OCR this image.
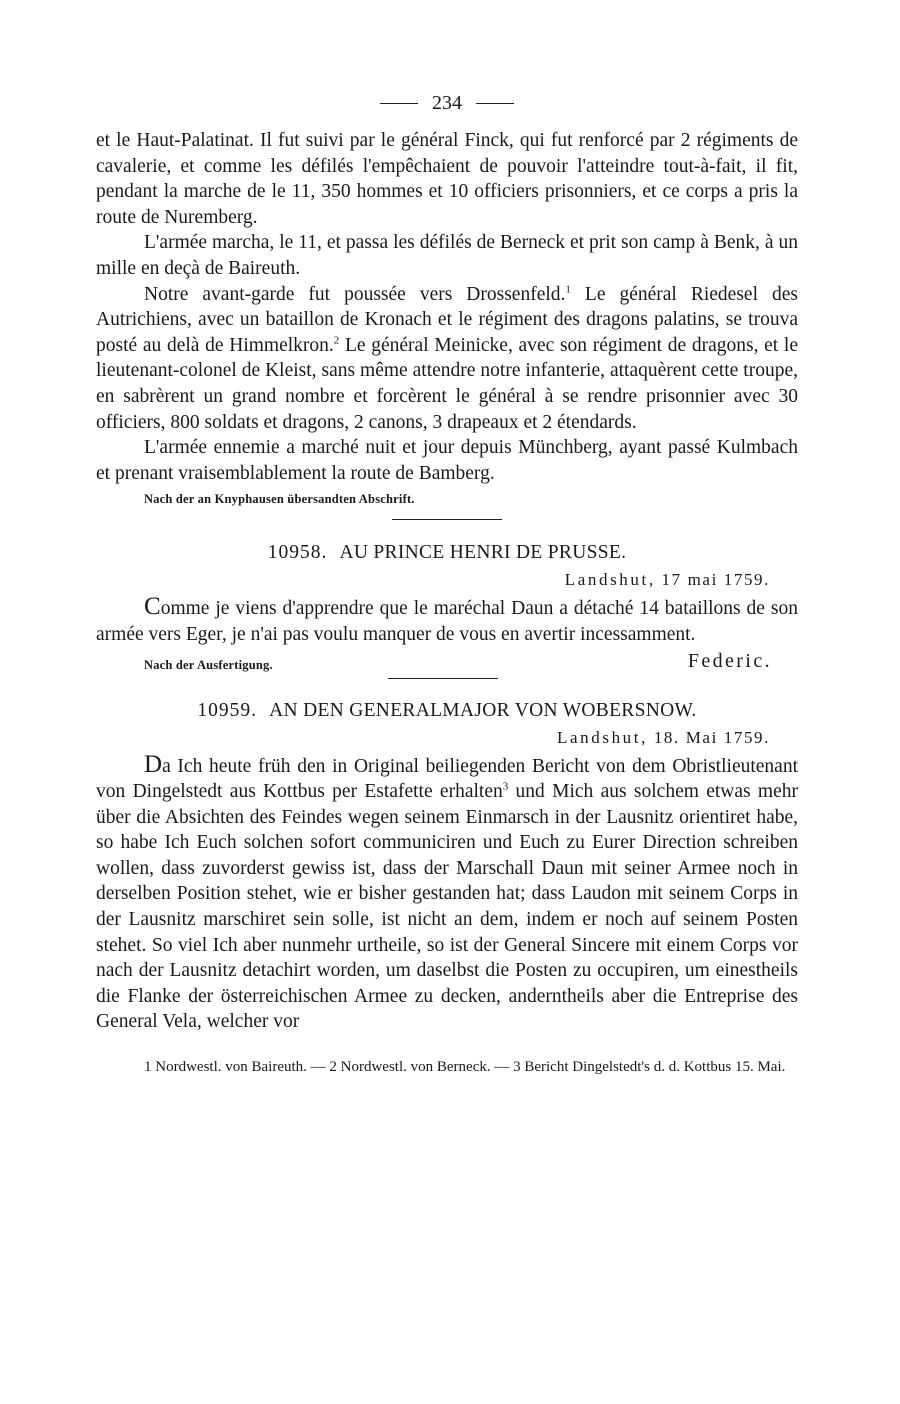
234

et le Haut-Palatinat. Il fut suivi par le général Finck, qui fut renforcé par 2 régiments de cavalerie, et comme les défilés l'empêchaient de pouvoir l'atteindre tout-à-fait, il fit, pendant la marche de le 11, 350 hommes et 10 officiers prisonniers, et ce corps a pris la route de Nuremberg.

L'armée marcha, le 11, et passa les défilés de Berneck et prit son camp à Benk, à un mille en deçà de Baireuth.

Notre avant-garde fut poussée vers Drossenfeld.$^1$ Le général Riedesel des Autrichiens, avec un bataillon de Kronach et le régiment des dragons palatins, se trouva posté au delà de Himmelkron.$^2$ Le général Meinicke, avec son régiment de dragons, et le lieutenant-colonel de Kleist, sans même attendre notre infanterie, attaquèrent cette troupe, en sabrèrent un grand nombre et forcèrent le général à se rendre prisonnier avec 30 officiers, 800 soldats et dragons, 2 canons, 3 drapeaux et 2 étendards.

L'armée ennemie a marché nuit et jour depuis Münchberg, ayant passé Kulmbach et prenant vraisemblablement la route de Bamberg.

Nach der an Knyphausen übersandten Abschrift.
10958. AU PRINCE HENRI DE PRUSSE.
Landshut, 17 mai 1759.

Comme je viens d'apprendre que le maréchal Daun a détaché 14 bataillons de son armée vers Eger, je n'ai pas voulu manquer de vous en avertir incessamment.

Nach der Ausfertigung.	Federic.
10959. AN DEN GENERALMAJOR VON WOBERSNOW.
Landshut, 18. Mai 1759.

Da Ich heute früh den in Original beiliegenden Bericht von dem Obristlieutenant von Dingelstedt aus Kottbus per Estafette erhalten$^3$ und Mich aus solchem etwas mehr über die Absichten des Feindes wegen seinem Einmarsch in der Lausnitz orientiret habe, so habe Ich Euch solchen sofort communiciren und Euch zu Eurer Direction schreiben wollen, dass zuvorderst gewiss ist, dass der Marschall Daun mit seiner Armee noch in derselben Position stehet, wie er bisher gestanden hat; dass Laudon mit seinem Corps in der Lausnitz marschiret sein solle, ist nicht an dem, indem er noch auf seinem Posten stehet. So viel Ich aber nunmehr urtheile, so ist der General Sincere mit einem Corps vor nach der Lausnitz detachirt worden, um daselbst die Posten zu occupiren, um einestheils die Flanke der österreichischen Armee zu decken, anderntheils aber die Entreprise des General Vela, welcher vor

1 Nordwestl. von Baireuth. — 2 Nordwestl. von Berneck. — 3 Bericht Dingelstedt's d. d. Kottbus 15. Mai.
